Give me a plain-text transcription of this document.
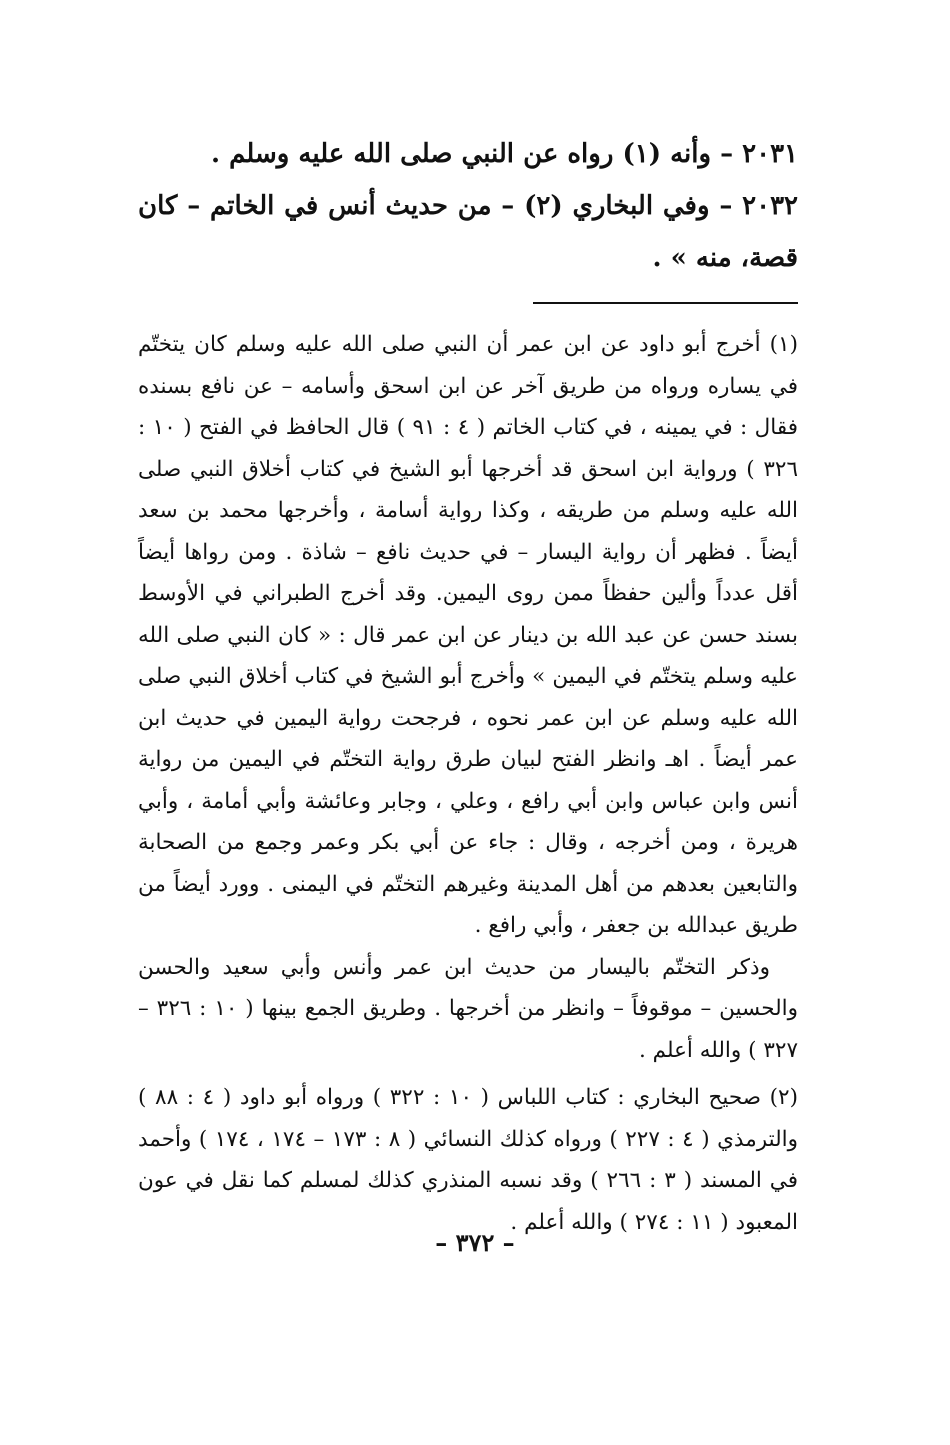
٢٠٣١ – وأنه (١) رواه عن النبي صلى الله عليه وسلم .

٢٠٣٢ – وفي البخاري (٢) – من حديث أنس في الخاتم – كان قصة، منه » .

(١) أخرج أبو داود عن ابن عمر أن النبي صلى الله عليه وسلم كان يتختّم في يساره ورواه من طريق آخر عن ابن اسحق وأسامه – عن نافع بسنده فقال : في يمينه ، في كتاب الخاتم ( ٤ : ٩١ ) قال الحافظ في الفتح ( ١٠ : ٣٢٦ ) ورواية ابن اسحق قد أخرجها أبو الشيخ في كتاب أخلاق النبي صلى الله عليه وسلم من طريقه ، وكذا رواية أسامة ، وأخرجها محمد بن سعد أيضاً . فظهر أن رواية اليسار – في حديث نافع – شاذة . ومن رواها أيضاً أقل عدداً وألين حفظاً ممن روى اليمين. وقد أخرج الطبراني في الأوسط بسند حسن عن عبد الله بن دينار عن ابن عمر قال : « كان النبي صلى الله عليه وسلم يتختّم في اليمين » وأخرج أبو الشيخ في كتاب أخلاق النبي صلى الله عليه وسلم عن ابن عمر نحوه ، فرجحت رواية اليمين في حديث ابن عمر أيضاً . اهـ وانظر الفتح لبيان طرق رواية التختّم في اليمين من رواية أنس وابن عباس وابن أبي رافع ، وعلي ، وجابر وعائشة وأبي أمامة ، وأبي هريرة ، ومن أخرجه ، وقال : جاء عن أبي بكر وعمر وجمع من الصحابة والتابعين بعدهم من أهل المدينة وغيرهم التختّم في اليمنى . وورد أيضاً من طريق عبدالله بن جعفر ، وأبي رافع .

وذكر التختّم باليسار من حديث ابن عمر وأنس وأبي سعيد والحسن والحسين – موقوفاً – وانظر من أخرجها . وطريق الجمع بينها ( ١٠ : ٣٢٦ – ٣٢٧ ) والله أعلم .

(٢) صحيح البخاري : كتاب اللباس ( ١٠ : ٣٢٢ ) ورواه أبو داود ( ٤ : ٨٨ ) والترمذي ( ٤ : ٢٢٧ ) ورواه كذلك النسائي ( ٨ : ١٧٣ – ١٧٤ ، ١٧٤ ) وأحمد في المسند ( ٣ : ٢٦٦ ) وقد نسبه المنذري كذلك لمسلم كما نقل في عون المعبود ( ١١ : ٢٧٤ ) والله أعلم .

– ٣٧٢ –
